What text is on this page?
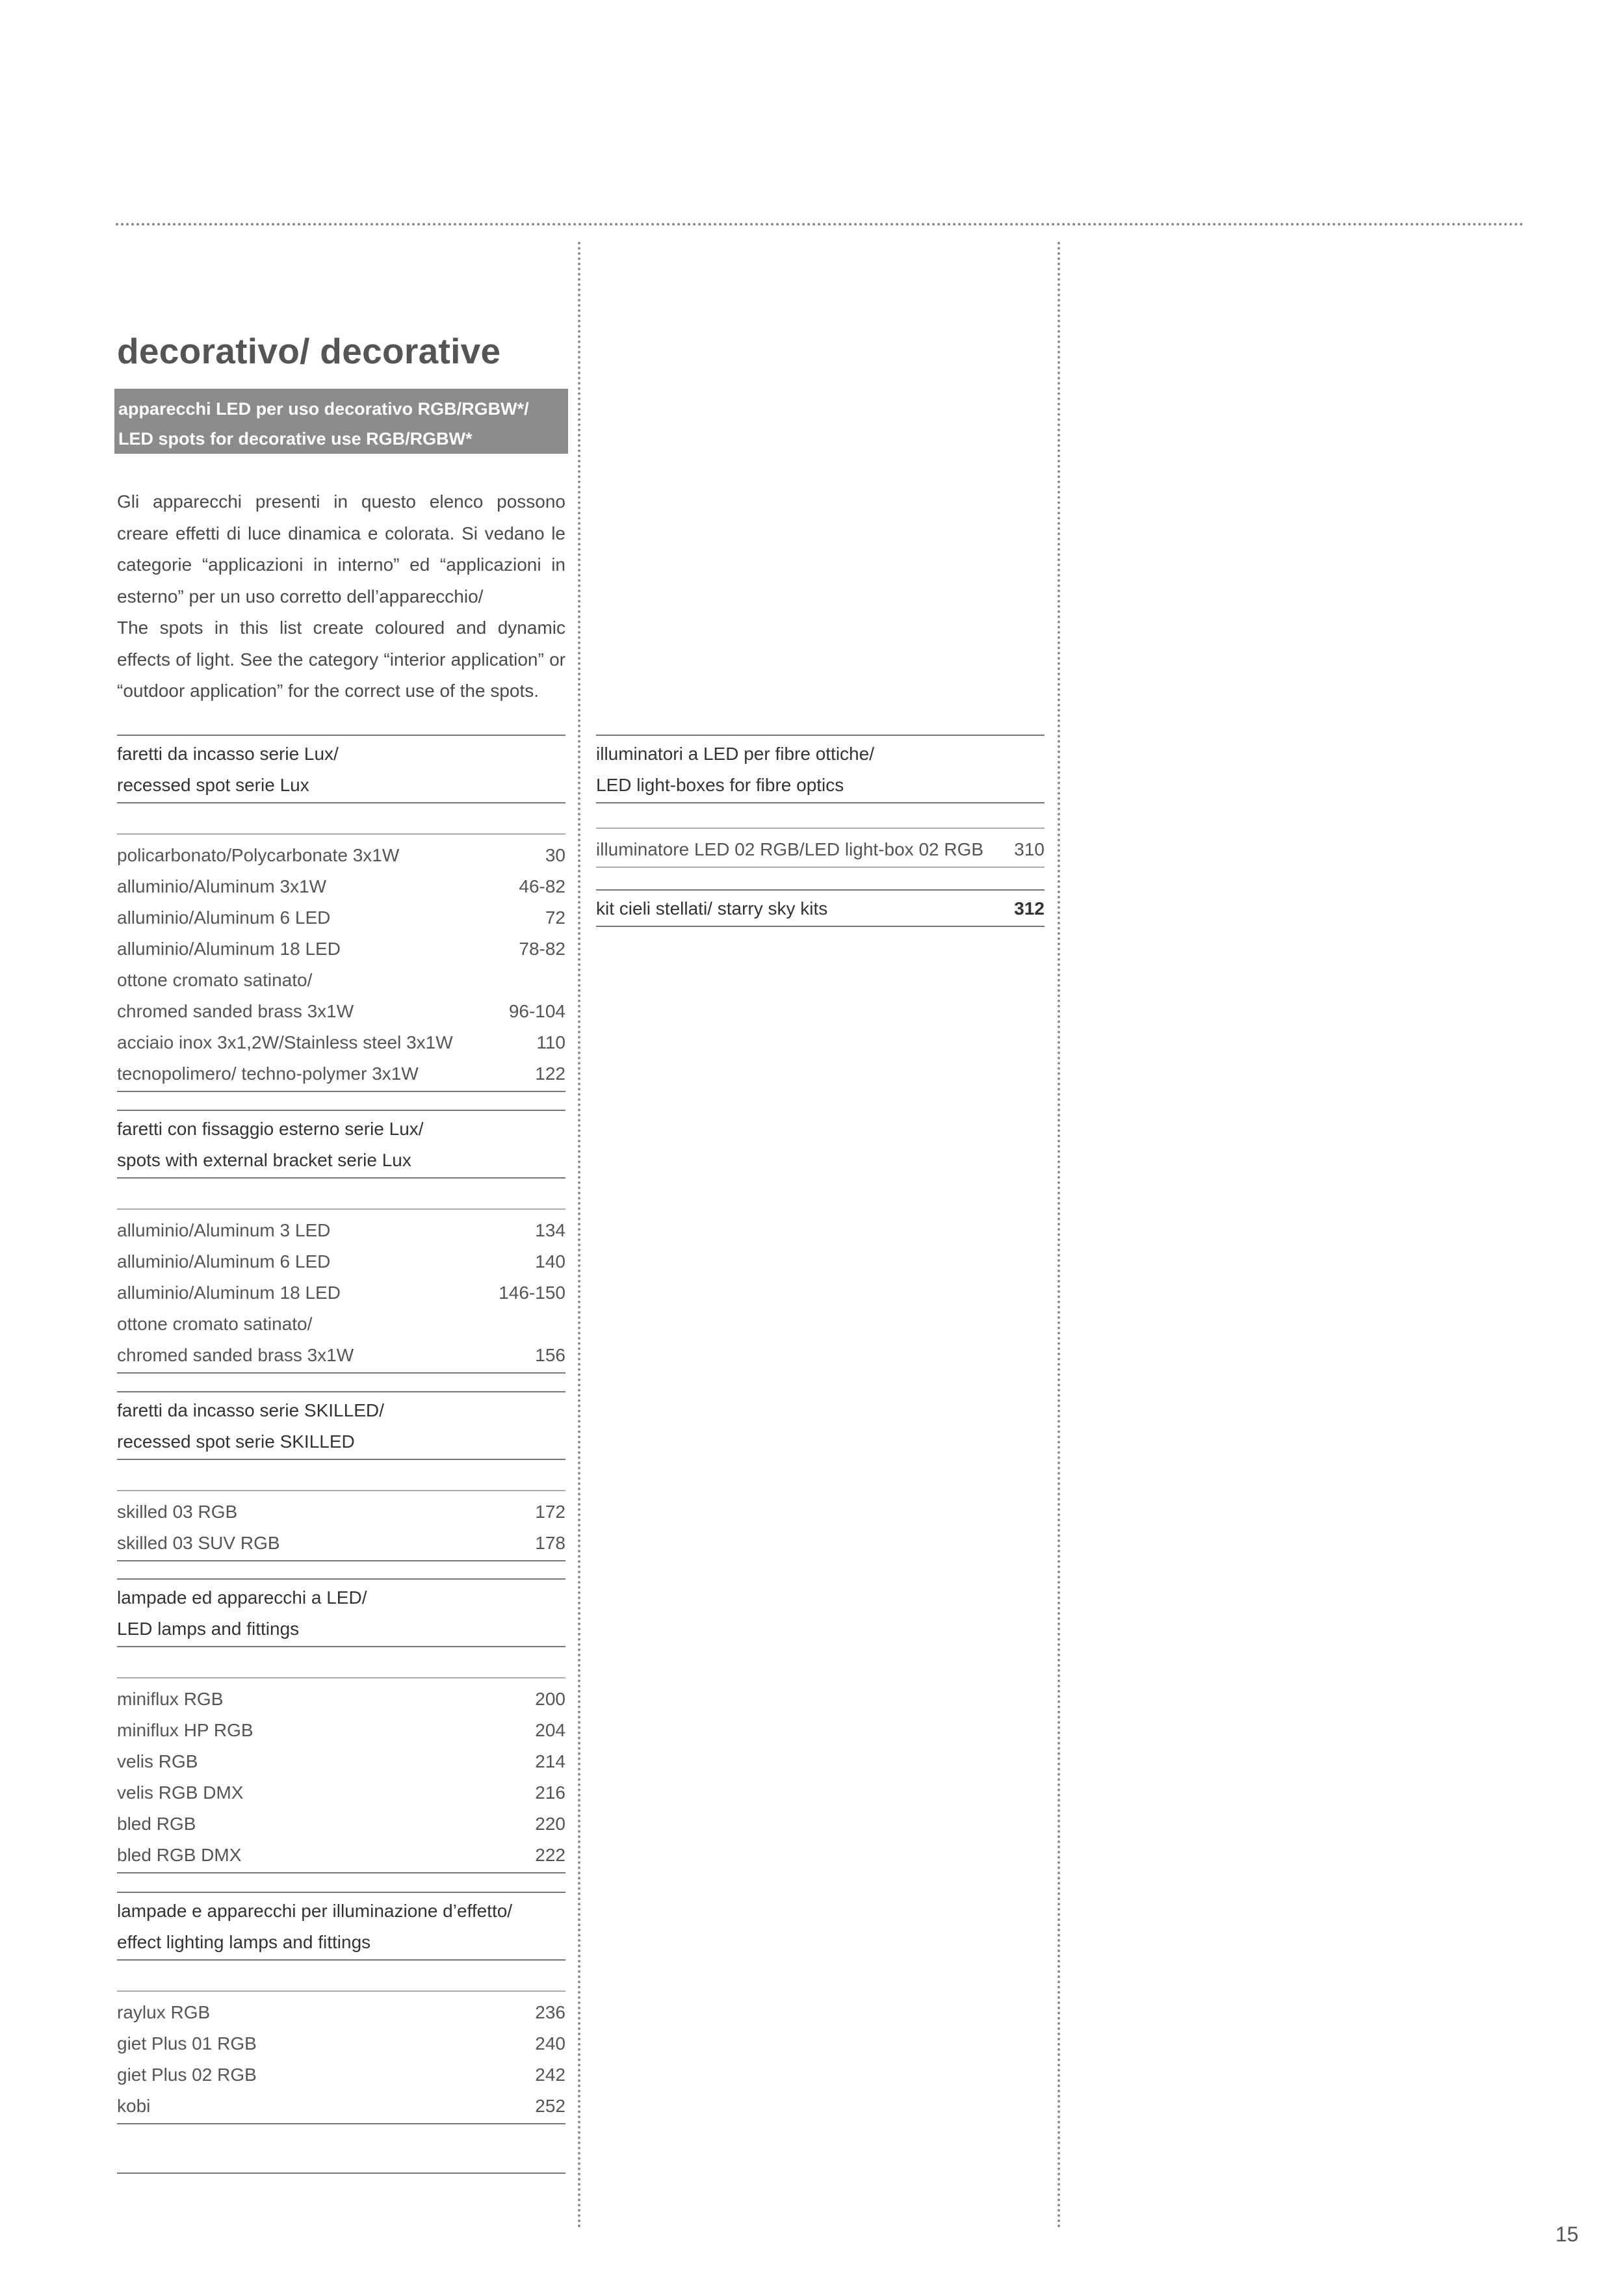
decorativo/ decorative
apparecchi LED per uso decorativo RGB/RGBW*/
LED spots for decorative use RGB/RGBW*

Gli apparecchi presenti in questo elenco possono creare effetti di luce dinamica e colorata. Si vedano le categorie “applicazioni in interno” ed “applicazioni in esterno” per un uso corretto dell’apparecchio/

The spots in this list create coloured and dynamic effects of light. See the category “interior application” or “outdoor application” for the correct use of the spots.

faretti da incasso serie Lux/
recessed spot serie Lux
policarbonato/Polycarbonate 3x1W	30
alluminio/Aluminum 3x1W	46-82
alluminio/Aluminum 6 LED	72
alluminio/Aluminum 18 LED	78-82
ottone cromato satinato/
chromed sanded brass 3x1W	96-104
acciaio inox 3x1,2W/Stainless steel 3x1W	110
tecnopolimero/ techno-polymer 3x1W	122
faretti con fissaggio esterno serie Lux/
spots with external bracket serie Lux
alluminio/Aluminum 3 LED	134
alluminio/Aluminum 6 LED	140
alluminio/Aluminum 18 LED	146-150
ottone cromato satinato/
chromed sanded brass 3x1W	156
faretti da incasso serie SKILLED/
recessed spot serie SKILLED
skilled 03 RGB	172
skilled 03 SUV RGB	178
lampade ed apparecchi a LED/
LED lamps and fittings
miniflux RGB	200
miniflux HP RGB	204
velis RGB	214
velis RGB DMX	216
bled RGB	220
bled RGB DMX	222
lampade e apparecchi per illuminazione d’effetto/
effect lighting lamps and fittings
raylux RGB	236
giet Plus 01 RGB	240
giet Plus 02 RGB	242
kobi	252
illuminatori a LED per fibre ottiche/
LED light-boxes for fibre optics
illuminatore LED 02 RGB/LED light-box 02 RGB 310
kit cieli stellati/ starry sky kits	312
15
